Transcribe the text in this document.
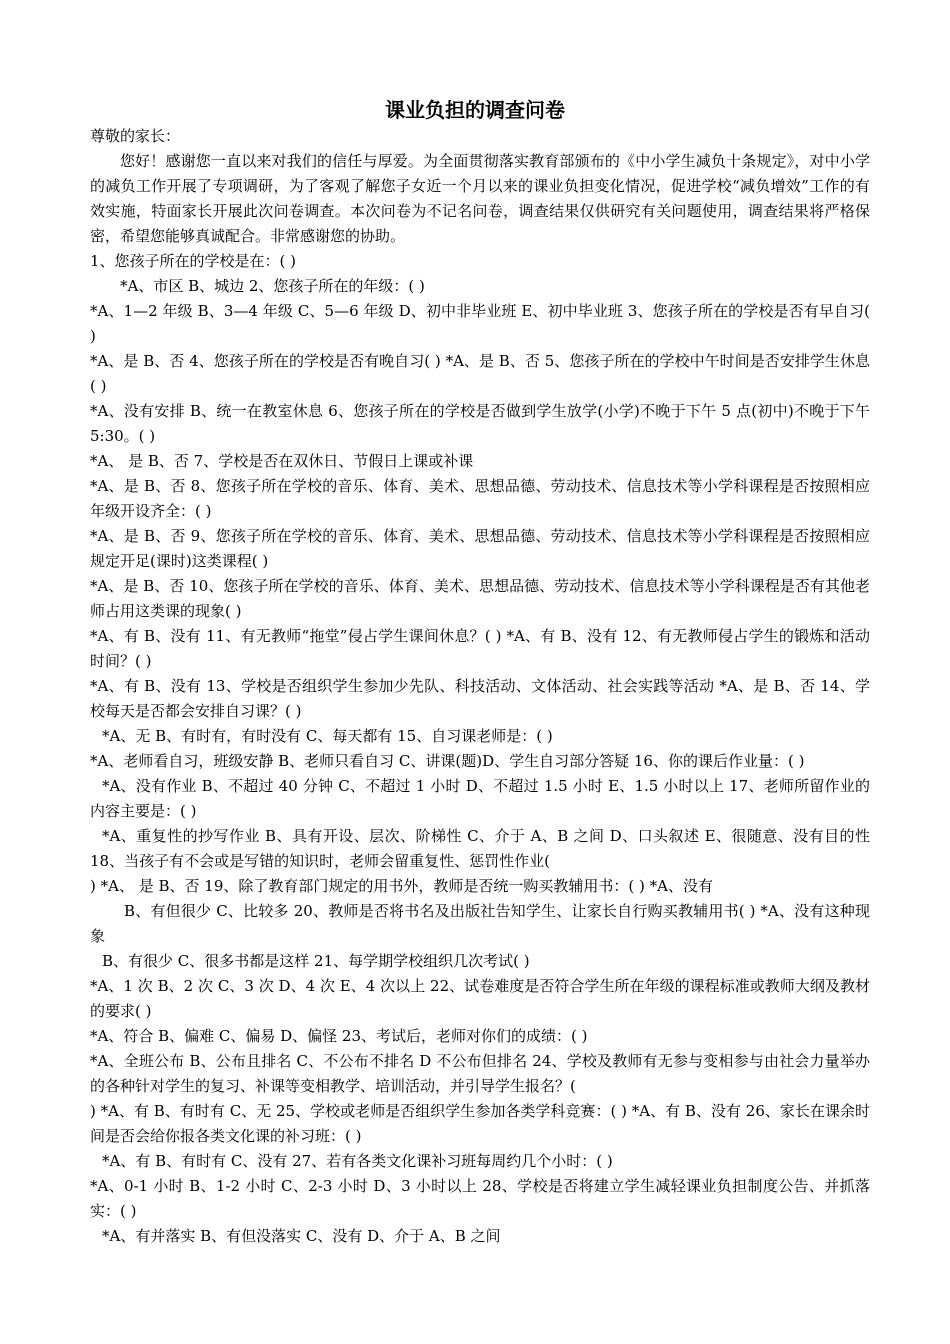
课业负担的调查问卷

尊敬的家长：

您好！感谢您一直以来对我们的信任与厚爱。为全面贯彻落实教育部颁布的《中小学生减负十条规定》，对中小学的减负工作开展了专项调研，为了客观了解您子女近一个月以来的课业负担变化情况，促进学校“减负增效”工作的有效实施，特面家长开展此次问卷调查。本次问卷为不记名问卷，调查结果仅供研究有关问题使用，调查结果将严格保密，希望您能够真诚配合。非常感谢您的协助。

1、您孩子所在的学校是在：( )

*A、市区 B、城边 2、您孩子所在的年级：( )

*A、1—2 年级 B、3—4 年级 C、5—6 年级 D、初中非毕业班 E、初中毕业班 3、您孩子所在的学校是否有早自习( )

*A、是 B、否 4、您孩子所在的学校是否有晚自习( ) *A、是 B、否 5、您孩子所在的学校中午时间是否安排学生休息( )

*A、没有安排 B、统一在教室休息 6、您孩子所在的学校是否做到学生放学(小学)不晚于下午 5 点(初中)不晚于下午 5:30。( )

*A、 是 B、否 7、学校是否在双休日、节假日上课或补课

*A、是 B、否 8、您孩子所在学校的音乐、体育、美术、思想品德、劳动技术、信息技术等小学科课程是否按照相应年级开设齐全：( )

*A、是 B、否 9、您孩子所在学校的音乐、体育、美术、思想品德、劳动技术、信息技术等小学科课程是否按照相应规定开足(课时)这类课程( )

*A、是 B、否 10、您孩子所在学校的音乐、体育、美术、思想品德、劳动技术、信息技术等小学科课程是否有其他老师占用这类课的现象( )

*A、有 B、没有 11、有无教师“拖堂”侵占学生课间休息？( ) *A、有 B、没有 12、有无教师侵占学生的锻炼和活动时间？( )

*A、有 B、没有 13、学校是否组织学生参加少先队、科技活动、文体活动、社会实践等活动 *A、是 B、否 14、学校每天是否都会安排自习课？( )

*A、无 B、有时有，有时没有 C、每天都有 15、自习课老师是：( )

*A、老师看自习，班级安静 B、老师只看自习 C、讲课(题)D、学生自习部分答疑 16、你的课后作业量：( )

*A、没有作业 B、不超过 40 分钟 C、不超过 1 小时 D、不超过 1.5 小时 E、1.5 小时以上 17、老师所留作业的内容主要是：( )

*A、重复性的抄写作业 B、具有开设、层次、阶梯性 C、介于 A、B 之间 D、口头叙述 E、很随意、没有目的性 18、当孩子有不会或是写错的知识时，老师会留重复性、惩罚性作业(

) *A、 是 B、否 19、除了教育部门规定的用书外，教师是否统一购买教辅用书：( ) *A、没有

B、有但很少 C、比较多 20、教师是否将书名及出版社告知学生、让家长自行购买教辅用书( ) *A、没有这种现象

B、有很少 C、很多书都是这样 21、每学期学校组织几次考试( )

*A、1 次 B、2 次 C、3 次 D、4 次 E、4 次以上 22、试卷难度是否符合学生所在年级的课程标准或教师大纲及教材的要求( )

*A、符合 B、偏难 C、偏易 D、偏怪 23、考试后，老师对你们的成绩：( )

*A、全班公布 B、公布且排名 C、不公布不排名 D 不公布但排名 24、学校及教师有无参与变相参与由社会力量举办的各种针对学生的复习、补课等变相教学、培训活动，并引导学生报名？(

) *A、有 B、有时有 C、无 25、学校或老师是否组织学生参加各类学科竞赛：( ) *A、有 B、没有 26、家长在课余时间是否会给你报各类文化课的补习班：( )

*A、有 B、有时有 C、没有 27、若有各类文化课补习班每周约几个小时：( )

*A、0-1 小时 B、1-2 小时 C、2-3 小时 D、3 小时以上 28、学校是否将建立学生减轻课业负担制度公告、并抓落实：( )

*A、有并落实 B、有但没落实 C、没有 D、介于 A、B 之间
